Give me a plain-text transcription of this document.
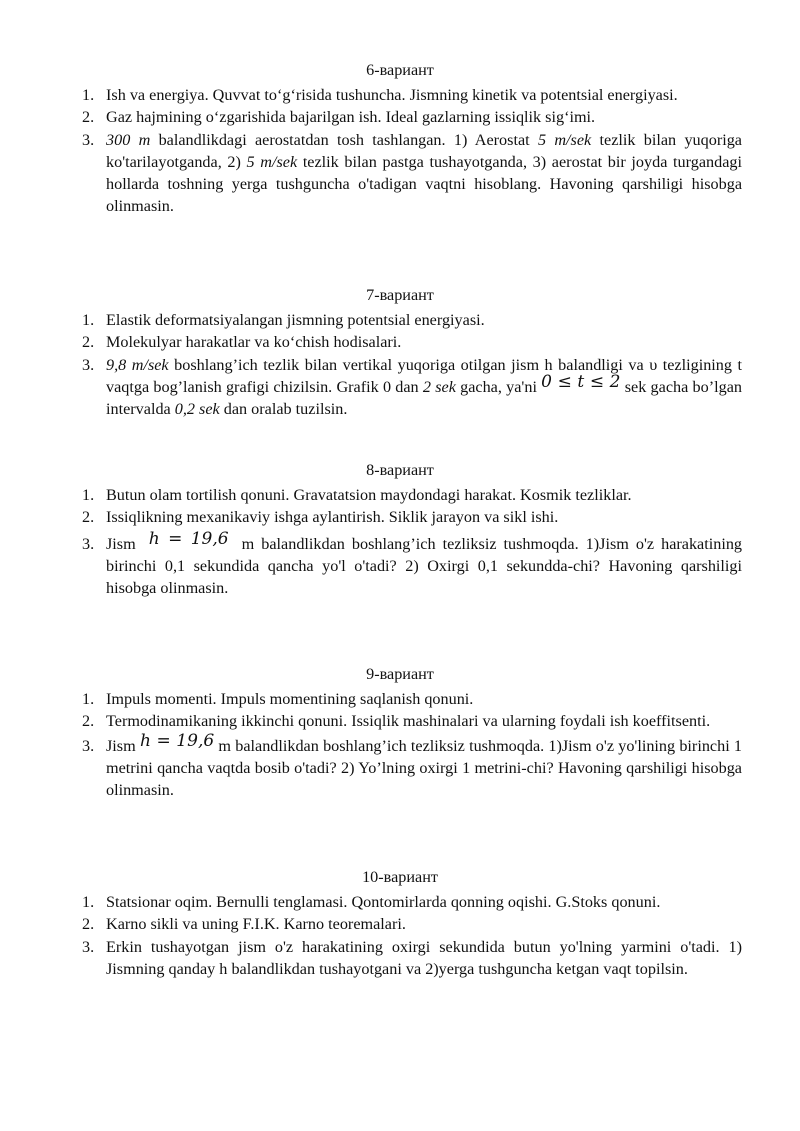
6-вариант
1. Ish va energiya. Quvvat to‘g‘risida tushuncha. Jismning kinetik va potentsial energiyasi.
2. Gaz hajmining o‘zgarishida bajarilgan ish. Ideal gazlarning issiqlik sig‘imi.
3. 300 m balandlikdagi aerostatdan tosh tashlangan. 1) Aerostat 5 m/sek tezlik bilan yuqoriga ko'tarilayotganda, 2) 5 m/sek tezlik bilan pastga tushayotganda, 3) aerostat bir joyda turgandagi hollarda toshning yerga tushguncha o'tadigan vaqtni hisoblang. Havoning qarshiligi hisobga olinmasin.
7-вариант
1. Elastik deformatsiyalangan jismning potentsial energiyasi.
2. Molekulyar harakatlar va ko‘chish hodisalari.
3. 9,8 m/sek boshlang’ich tezlik bilan vertikal yuqoriga otilgan jism h balandligi va υ tezligining t vaqtga bog’lanish grafigi chizilsin. Grafik 0 dan 2 sek gacha, ya'ni 0 ≤ t ≤ 2 sek gacha bo’lgan intervalda 0,2 sek dan oralab tuzilsin.
8-вариант
1. Butun olam tortilish qonuni. Gravatatsion maydondagi harakat. Kosmik tezliklar.
2. Issiqlikning mexanikaviy ishga aylantirish. Siklik jarayon va sikl ishi.
3. Jism h = 19,6 m balandlikdan boshlang’ich tezliksiz tushmoqda. 1)Jism o'z harakatining birinchi 0,1 sekundida qancha yo'l o'tadi? 2) Oxirgi 0,1 sekundda-chi? Havoning qarshiligi hisobga olinmasin.
9-вариант
1. Impuls momenti. Impuls momentining saqlanish qonuni.
2. Termodinamikaning ikkinchi qonuni. Issiqlik mashinalari va ularning foydali ish koeffitsenti.
3. Jism h = 19,6 m balandlikdan boshlang’ich tezliksiz tushmoqda. 1)Jism o'z yo'lining birinchi 1 metrini qancha vaqtda bosib o'tadi? 2) Yo’lning oxirgi 1 metrini-chi? Havoning qarshiligi hisobga olinmasin.
10-вариант
1. Statsionar oqim. Bernulli tenglamasi. Qontomirlarda qonning oqishi. G.Stoks qonuni.
2. Karno sikli va uning F.I.K. Karno teoremalari.
3. Erkin tushayotgan jism o'z harakatining oxirgi sekundida butun yo'lning yarmini o'tadi. 1) Jismning qanday h balandlikdan tushayotgani va 2)yerga tushguncha ketgan vaqt topilsin.
